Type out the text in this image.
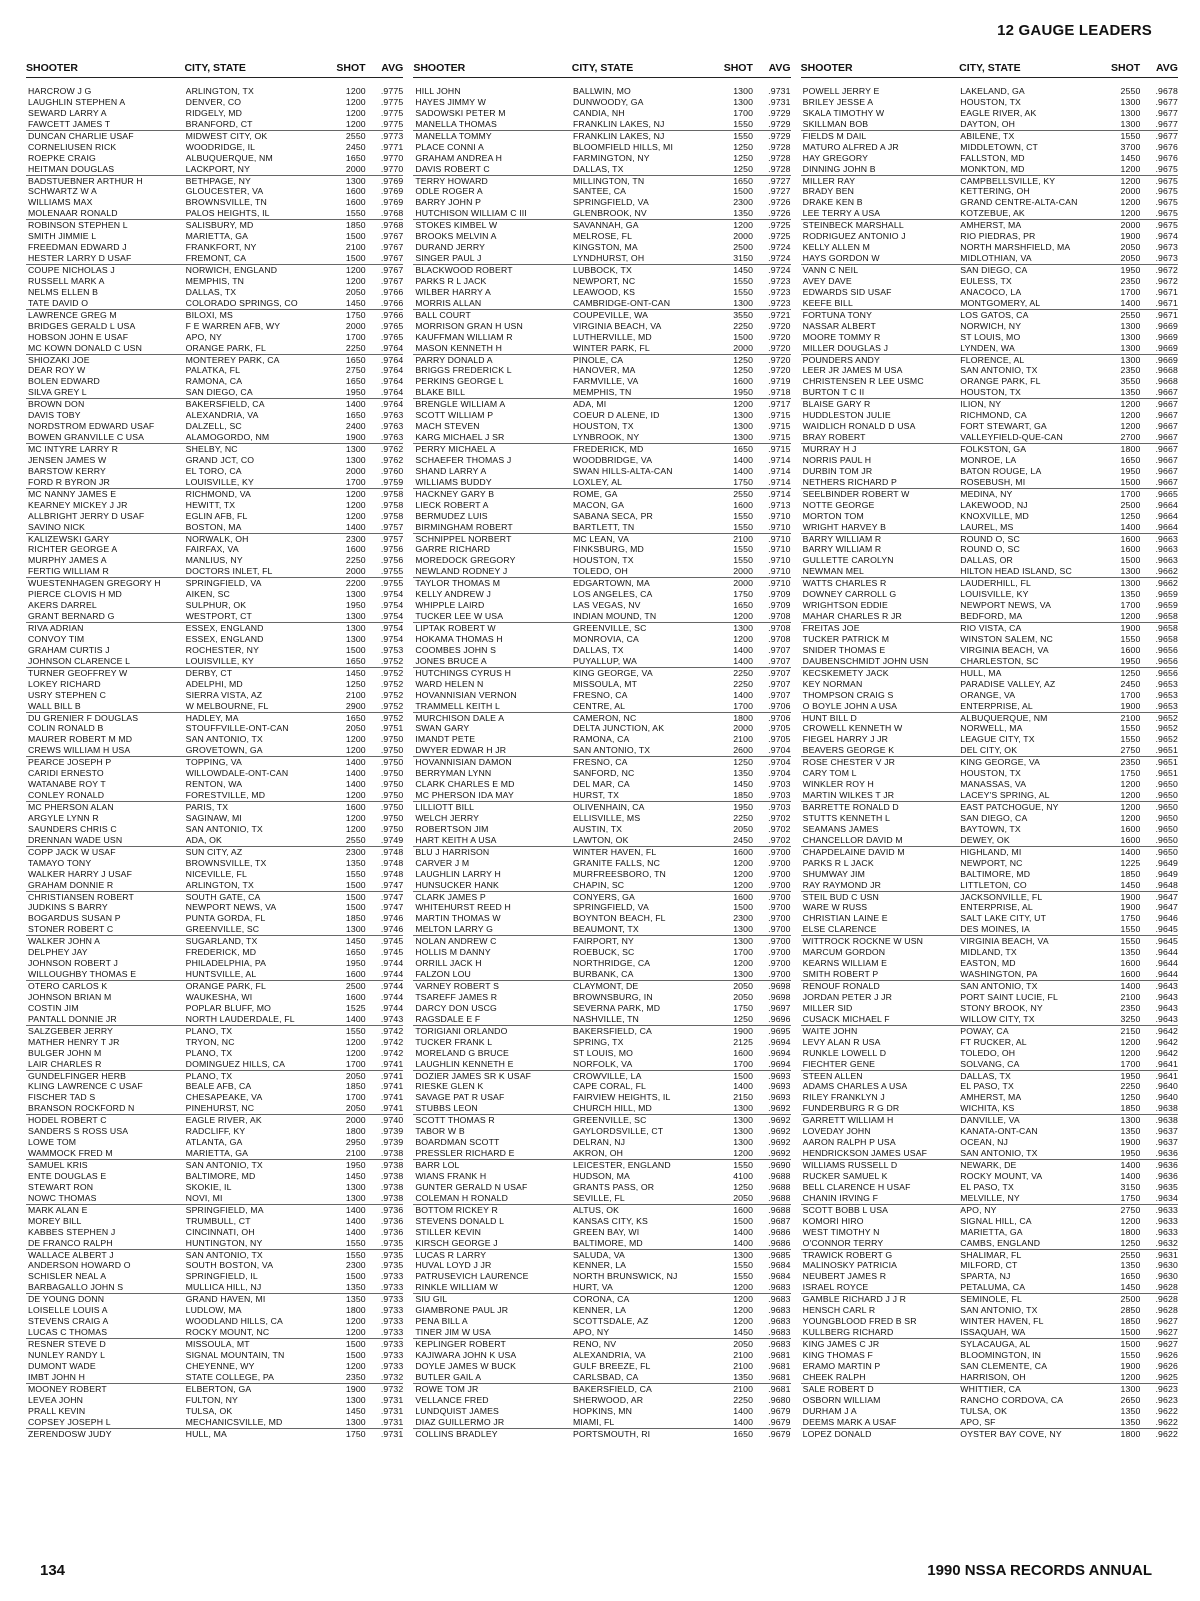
12 GAUGE LEADERS
SHOOTER	CITY, STATE	SHOT	AVG
HARCROW J G	ARLINGTON, TX	1200	.9775
LAUGHLIN STEPHEN A	DENVER, CO	1200	.9775
SEWARD LARRY A	RIDGELY, MD	1200	.9775
FAWCETT JAMES T	BRANFORD, CT	1200	.9775
DUNCAN CHARLIE USAF	MIDWEST CITY, OK	2550	.9773
CORNELIUSEN RICK	WOODRIDGE, IL	2450	.9771
ROEPKE CRAIG	ALBUQUERQUE, NM	1650	.9770
HEITMAN DOUGLAS	LACKPORT, NY	2000	.9770
BADSTUEBNER ARTHUR H	BETHPAGE, NY	1300	.9769
SCHWARTZ W A	GLOUCESTER, VA	1600	.9769
WILLIAMS MAX	BROWNSVILLE, TN	1600	.9769
MOLENAAR RONALD	PALOS HEIGHTS, IL	1550	.9768
ROBINSON STEPHEN L	SALISBURY, MD	1850	.9768
SMITH JIMMIE L	MARIETTA, GA	1500	.9767
FREEDMAN EDWARD J	FRANKFORT, NY	2100	.9767
HESTER LARRY D USAF	FREMONT, CA	1500	.9767
COUPE NICHOLAS J	NORWICH, ENGLAND	1200	.9767
RUSSELL MARK A	MEMPHIS, TN	1200	.9767
NELMS ELLEN B	DALLAS, TX	2050	.9766
TATE DAVID O	COLORADO SPRINGS, CO	1450	.9766
LAWRENCE GREG M	BILOXI, MS	1750	.9766
BRIDGES GERALD L USA	F E WARREN AFB, WY	2000	.9765
HOBSON JOHN E USAF	APO, NY	1700	.9765
MC KOWN DONALD C USN	ORANGE PARK, FL	2250	.9764
SHIOZAKI JOE	MONTEREY PARK, CA	1650	.9764
DEAR ROY W	PALATKA, FL	2750	.9764
BOLEN EDWARD	RAMONA, CA	1650	.9764
SILVA GREY L	SAN DIEGO, CA	1950	.9764
BROWN DON	BAKERSFIELD, CA	1400	.9764
DAVIS TOBY	ALEXANDRIA, VA	1650	.9763
NORDSTROM EDWARD USAF	DALZELL, SC	2400	.9763
BOWEN GRANVILLE C USA	ALAMOGORDO, NM	1900	.9763
MC INTYRE LARRY R	SHELBY, NC	1300	.9762
JENSEN JAMES W	GRAND JCT, CO	1300	.9762
BARSTOW KERRY	EL TORO, CA	2000	.9760
FORD R BYRON JR	LOUISVILLE, KY	1700	.9759
MC NANNY JAMES E	RICHMOND, VA	1200	.9758
KEARNEY MICKEY J JR	HEWITT, TX	1200	.9758
ALLBRIGHT JERRY D USAF	EGLIN AFB, FL	1200	.9758
SAVINO NICK	BOSTON, MA	1400	.9757
KALIZEWSKI GARY	NORWALK, OH	2300	.9757
RICHTER GEORGE A	FAIRFAX, VA	1600	.9756
MURPHY JAMES A	MANLIUS, NY	2250	.9756
FERTIG WILLIAM R	DOCTORS INLET, FL	2000	.9755
WUESTENHAGEN GREGORY H	SPRINGFIELD, VA	2200	.9755
PIERCE CLOVIS H MD	AIKEN, SC	1300	.9754
AKERS DARREL	SULPHUR, OK	1950	.9754
GRANT BERNARD G	WESTPORT, CT	1300	.9754
RIVA ADRIAN	ESSEX, ENGLAND	1300	.9754
CONVOY TIM	ESSEX, ENGLAND	1300	.9754
GRAHAM CURTIS J	ROCHESTER, NY	1500	.9753
JOHNSON CLARENCE L	LOUISVILLE, KY	1650	.9752
TURNER GEOFFREY W	DERBY, CT	1450	.9752
LOKEY RICHARD	ADELPHI, MD	1250	.9752
USRY STEPHEN C	SIERRA VISTA, AZ	2100	.9752
WALL BILL B	W MELBOURNE, FL	2900	.9752
DU GRENIER F DOUGLAS	HADLEY, MA	1650	.9752
COLIN RONALD B	STOUFFVILLE-ONT-CAN	2050	.9751
MAURER ROBERT M MD	SAN ANTONIO, TX	1200	.9750
CREWS WILLIAM H USA	GROVETOWN, GA	1200	.9750
PEARCE JOSEPH P	TOPPING, VA	1400	.9750
CARIDI ERNESTO	WILLOWDALE-ONT-CAN	1400	.9750
WATANABE ROY T	RENTON, WA	1400	.9750
CONLEY RONALD	FORESTVILLE, MD	1200	.9750
MC PHERSON ALAN	PARIS, TX	1600	.9750
ARGYLE LYNN R	SAGINAW, MI	1200	.9750
SAUNDERS CHRIS C	SAN ANTONIO, TX	1200	.9750
DRENNAN WADE USN	ADA, OK	2550	.9749
COPP JACK W USAF	SUN CITY, AZ	2300	.9748
TAMAYO TONY	BROWNSVILLE, TX	1350	.9748
WALKER HARRY J USAF	NICEVILLE, FL	1550	.9748
GRAHAM DONNIE R	ARLINGTON, TX	1500	.9747
CHRISTIANSEN ROBERT	SOUTH GATE, CA	1500	.9747
JUDKINS S BARRY	NEWPORT NEWS, VA	1500	.9747
BOGARDUS SUSAN P	PUNTA GORDA, FL	1850	.9746
STONER ROBERT C	GREENVILLE, SC	1300	.9746
WALKER JOHN A	SUGARLAND, TX	1450	.9745
DELPHEY JAY	FREDERICK, MD	1650	.9745
JOHNSON ROBERT J	PHILADELPHIA, PA	1950	.9744
WILLOUGHBY THOMAS E	HUNTSVILLE, AL	1600	.9744
OTERO CARLOS K	ORANGE PARK, FL	2500	.9744
JOHNSON BRIAN M	WAUKESHA, WI	1600	.9744
COSTIN JIM	POPLAR BLUFF, MO	1525	.9744
PANTALL DONNIE JR	NORTH LAUDERDALE, FL	1400	.9743
SALZGEBER JERRY	PLANO, TX	1550	.9742
MATHER HENRY T JR	TRYON, NC	1200	.9742
BULGER JOHN M	PLANO, TX	1200	.9742
LAIR CHARLES R	DOMINGUEZ HILLS, CA	1700	.9741
GUNDELFINGER HERB	PLANO, TX	2050	.9741
KLING LAWRENCE C USAF	BEALE AFB, CA	1850	.9741
FISCHER TAD S	CHESAPEAKE, VA	1700	.9741
BRANSON ROCKFORD N	PINEHURST, NC	2050	.9741
HODEL ROBERT C	EAGLE RIVER, AK	2000	.9740
SANDERS S ROSS USA	RADCLIFF, KY	1800	.9739
LOWE TOM	ATLANTA, GA	2950	.9739
WAMMOCK FRED M	MARIETTA, GA	2100	.9738
SAMUEL KRIS	SAN ANTONIO, TX	1950	.9738
ENTE DOUGLAS E	BALTIMORE, MD	1450	.9738
STEWART RON	SKOKIE, IL	1300	.9738
NOWC THOMAS	NOVI, MI	1300	.9738
MARK ALAN E	SPRINGFIELD, MA	1400	.9736
MOREY BILL	TRUMBULL, CT	1400	.9736
KABBES STEPHEN J	CINCINNATI, OH	1400	.9736
DE FRANCO RALPH	HUNTINGTON, NY	1550	.9735
WALLACE ALBERT J	SAN ANTONIO, TX	1550	.9735
ANDERSON HOWARD O	SOUTH BOSTON, VA	2300	.9735
SCHISLER NEAL A	SPRINGFIELD, IL	1500	.9733
BARBAGALLO JOHN S	MULLICA HILL, NJ	1350	.9733
DE YOUNG DONN	GRAND HAVEN, MI	1350	.9733
LOISELLE LOUIS A	LUDLOW, MA	1800	.9733
STEVENS CRAIG A	WOODLAND HILLS, CA	1200	.9733
LUCAS C THOMAS	ROCKY MOUNT, NC	1200	.9733
RESNER STEVE D	MISSOULA, MT	1500	.9733
NUNLEY RANDY L	SIGNAL MOUNTAIN, TN	1500	.9733
DUMONT WADE	CHEYENNE, WY	1200	.9733
IMBT JOHN H	STATE COLLEGE, PA	2350	.9732
MOONEY ROBERT	ELBERTON, GA	1900	.9732
LEVEA JOHN	FULTON, NY	1300	.9731
PRALL KEVIN	TULSA, OK	1450	.9731
COPSEY JOSEPH L	MECHANICSVILLE, MD	1300	.9731
ZERENDOSW JUDY	HULL, MA	1750	.9731
SHOOTER	CITY, STATE	SHOT	AVG
HILL JOHN	BALLWIN, MO	1300	.9731
HAYES JIMMY W	DUNWOODY, GA	1300	.9731
SADOWSKI PETER M	CANDIA, NH	1700	.9729
MANELLA THOMAS	FRANKLIN LAKES, NJ	1550	.9729
MANELLA TOMMY	FRANKLIN LAKES, NJ	1550	.9729
PLACE CONNI A	BLOOMFIELD HILLS, MI	1250	.9728
GRAHAM ANDREA H	FARMINGTON, NY	1250	.9728
DAVIS ROBERT C	DALLAS, TX	1250	.9728
TERRY HOWARD	MILLINGTON, TN	1650	.9727
ODLE ROGER A	SANTEE, CA	1500	.9727
BARRY JOHN P	SPRINGFIELD, VA	2300	.9726
HUTCHISON WILLIAM C III	GLENBROOK, NV	1350	.9726
STOKES KIMBEL W	SAVANNAH, GA	1200	.9725
BROOKS MELVIN A	MELROSE, FL	2000	.9725
DURAND JERRY	KINGSTON, MA	2500	.9724
SINGER PAUL J	LYNDHURST, OH	3150	.9724
BLACKWOOD ROBERT	LUBBOCK, TX	1450	.9724
PARKS R L JACK	NEWPORT, NC	1550	.9723
WILBER HARRY A	LEAWOOD, KS	1550	.9723
MORRIS ALLAN	CAMBRIDGE-ONT-CAN	1300	.9723
BALL COURT	COUPEVILLE, WA	3550	.9721
MORRISON GRAN H USN	VIRGINIA BEACH, VA	2250	.9720
KAUFFMAN WILLIAM R	LUTHERVILLE, MD	1500	.9720
MASON KENNETH H	WINTER PARK, FL	2000	.9720
PARRY DONALD A	PINOLE, CA	1250	.9720
BRIGGS FREDERICK L	HANOVER, MA	1250	.9720
PERKINS GEORGE L	FARMVILLE, VA	1600	.9719
BLAKE BILL	MEMPHIS, TN	1950	.9718
BRENGLE WILLIAM A	ADA, MI	1200	.9717
SCOTT WILLIAM P	COEUR D ALENE, ID	1300	.9715
MACH STEVEN	HOUSTON, TX	1300	.9715
KARG MICHAEL J SR	LYNBROOK, NY	1300	.9715
PERRY MICHAEL A	FREDERICK, MD	1650	.9715
SCHAEFER THOMAS J	WOODBRIDGE, VA	1400	.9714
SHAND LARRY A	SWAN HILLS-ALTA-CAN	1400	.9714
WILLIAMS BUDDY	LOXLEY, AL	1750	.9714
HACKNEY GARY B	ROME, GA	2550	.9714
LIECK ROBERT A	MACON, GA	1600	.9713
BERMUDEZ LUIS	SABANA SECA, PR	1550	.9710
BIRMINGHAM ROBERT	BARTLETT, TN	1550	.9710
SCHNIPPEL NORBERT	MC LEAN, VA	2100	.9710
GARRE RICHARD	FINKSBURG, MD	1550	.9710
MOREDOCK GREGORY	HOUSTON, TX	1550	.9710
NEWLAND RODNEY J	TOLEDO, OH	2000	.9710
TAYLOR THOMAS M	EDGARTOWN, MA	2000	.9710
KELLY ANDREW J	LOS ANGELES, CA	1750	.9709
WHIPPLE LAIRD	LAS VEGAS, NV	1650	.9709
TUCKER LEE W USA	INDIAN MOUND, TN	1200	.9708
LIPTAK ROBERT W	GREENVILLE, SC	1300	.9708
HOKAMA THOMAS H	MONROVIA, CA	1200	.9708
COOMBES JOHN S	DALLAS, TX	1400	.9707
JONES BRUCE A	PUYALLUP, WA	1400	.9707
HUTCHINGS CYRUS H	KING GEORGE, VA	2250	.9707
WARD HELEN N	MISSOULA, MT	2250	.9707
HOVANNISIAN VERNON	FRESNO, CA	1400	.9707
TRAMMELL KEITH L	CENTRE, AL	1700	.9706
MURCHISON DALE A	CAMERON, NC	1800	.9706
SWAN GARY	DELTA JUNCTION, AK	2000	.9705
IMANDT PETE	RAMONA, CA	2100	.9705
DWYER EDWAR H JR	SAN ANTONIO, TX	2600	.9704
HOVANNISIAN DAMON	FRESNO, CA	1250	.9704
BERRYMAN LYNN	SANFORD, NC	1350	.9704
CLARK CHARLES E MD	DEL MAR, CA	1450	.9703
MC PHERSON IDA MAY	HURST, TX	1850	.9703
LILLIOTT BILL	OLIVENHAIN, CA	1950	.9703
WELCH JERRY	ELLISVILLE, MS	2250	.9702
ROBERTSON JIM	AUSTIN, TX	2050	.9702
HART KEITH A USA	LAWTON, OK	2450	.9702
BLU J HARRISON	WINTER HAVEN, FL	1600	.9700
CARVER J M	GRANITE FALLS, NC	1200	.9700
LAUGHLIN LARRY H	MURFREESBORO, TN	1200	.9700
HUNSUCKER HANK	CHAPIN, SC	1200	.9700
CLARK JAMES P	CONYERS, GA	1600	.9700
WHITEHURST REED H	SPRINGFIELD, VA	1500	.9700
MARTIN THOMAS W	BOYNTON BEACH, FL	2300	.9700
MELTON LARRY G	BEAUMONT, TX	1300	.9700
NOLAN ANDREW C	FAIRPORT, NY	1300	.9700
HOLLIS M DANNY	ROEBUCK, SC	1700	.9700
ORRILL JACK H	NORTHRIDGE, CA	1200	.9700
FALZON LOU	BURBANK, CA	1300	.9700
VARNEY ROBERT S	CLAYMONT, DE	2050	.9698
TSAREFF JAMES R	BROWNSBURG, IN	2050	.9698
DARCY DON USCG	SEVERNA PARK, MD	1750	.9697
RAGSDALE E F	NASHVILLE, TN	1250	.9696
TORIGIANI ORLANDO	BAKERSFIELD, CA	1900	.9695
TUCKER FRANK L	SPRING, TX	2125	.9694
MORELAND G BRUCE	ST LOUIS, MO	1600	.9694
LAUGHLIN KENNETH E	NORFOLK, VA	1700	.9694
DOZIER JAMES SR K USAF	CROWVILLE, LA	1500	.9693
RIESKE GLEN K	CAPE CORAL, FL	1400	.9693
SAVAGE PAT R USAF	FAIRVIEW HEIGHTS, IL	2150	.9693
STUBBS LEON	CHURCH HILL, MD	1300	.9692
SCOTT THOMAS R	GREENVILLE, SC	1300	.9692
TABOR W B	GAYLORDSVILLE, CT	1300	.9692
BOARDMAN SCOTT	DELRAN, NJ	1300	.9692
PRESSLER RICHARD E	AKRON, OH	1200	.9692
BARR LOL	LEICESTER, ENGLAND	1550	.9690
WIANS FRANK H	HUDSON, MA	4100	.9688
GUNTER GERALD N USAF	GRANTS PASS, OR	1250	.9688
COLEMAN H RONALD	SEVILLE, FL	2050	.9688
BOTTOM RICKEY R	ALTUS, OK	1600	.9688
STEVENS DONALD L	KANSAS CITY, KS	1500	.9687
STILLER KEVIN	GREEN BAY, WI	1400	.9686
KIRSCH GEORGE J	BALTIMORE, MD	1400	.9686
LUCAS R LARRY	SALUDA, VA	1300	.9685
HUVAL LOYD J JR	KENNER, LA	1550	.9684
PATRUSEVICH LAURENCE	NORTH BRUNSWICK, NJ	1550	.9684
RINKLE WILLIAM W	HURT, VA	1200	.9683
SIU GIL	CORONA, CA	1200	.9683
GIAMBRONE PAUL JR	KENNER, LA	1200	.9683
PENA BILL A	SCOTTSDALE, AZ	1200	.9683
TINER JIM W USA	APO, NY	1450	.9683
KEPLINGER ROBERT	RENO, NV	2050	.9683
KAJIWARA JOHN K USA	ALEXANDRIA, VA	2100	.9681
DOYLE JAMES W BUCK	GULF BREEZE, FL	2100	.9681
BUTLER GAIL A	CARLSBAD, CA	1350	.9681
ROWE TOM JR	BAKERSFIELD, CA	2100	.9681
VELLANCE FRED	SHERWOOD, AR	2250	.9680
LUNDQUIST JAMES	HOPKINS, MN	1400	.9679
DIAZ GUILLERMO JR	MIAMI, FL	1400	.9679
COLLINS BRADLEY	PORTSMOUTH, RI	1650	.9679
SHOOTER	CITY, STATE	SHOT	AVG
POWELL JERRY E	LAKELAND, GA	2550	.9678
BRILEY JESSE A	HOUSTON, TX	1300	.9677
SKALA TIMOTHY W	EAGLE RIVER, AK	1300	.9677
SKILLMAN BOB	DAYTON, OH	1300	.9677
FIELDS M DAIL	ABILENE, TX	1550	.9677
MATURO ALFRED A JR	MIDDLETOWN, CT	3700	.9676
HAY GREGORY	FALLSTON, MD	1450	.9676
DINNING JOHN B	MONKTON, MD	1200	.9675
MILLER RAY	CAMPBELLSVILLE, KY	1200	.9675
BRADY BEN	KETTERING, OH	2000	.9675
DRAKE KEN B	GRAND CENTRE-ALTA-CAN	1200	.9675
LEE TERRY A USA	KOTZEBUE, AK	1200	.9675
STEINBECK MARSHALL	AMHERST, MA	2000	.9675
RODRIGUEZ ANTONIO J	RIO PIEDRAS, PR	1900	.9674
KELLY ALLEN M	NORTH MARSHFIELD, MA	2050	.9673
HAYS GORDON W	MIDLOTHIAN, VA	2050	.9673
VANN C NEIL	SAN DIEGO, CA	1950	.9672
AVEY DAVE	EULESS, TX	2350	.9672
EDWARDS SID USAF	ANACOCO, LA	1700	.9671
KEEFE BILL	MONTGOMERY, AL	1400	.9671
FORTUNA TONY	LOS GATOS, CA	2550	.9671
NASSAR ALBERT	NORWICH, NY	1300	.9669
MOORE TOMMY R	ST LOUIS, MO	1300	.9669
MILLER DOUGLAS J	LYNDEN, WA	1300	.9669
POUNDERS ANDY	FLORENCE, AL	1300	.9669
LEER JR JAMES M USA	SAN ANTONIO, TX	2350	.9668
CHRISTENSEN R LEE USMC	ORANGE PARK, FL	3550	.9668
BURTON T C II	HOUSTON, TX	1350	.9667
BLAISE GARY R	ILION, NY	1200	.9667
HUDDLESTON JULIE	RICHMOND, CA	1200	.9667
WAIDLICH RONALD D USA	FORT STEWART, GA	1200	.9667
BRAY ROBERT	VALLEYFIELD-QUE-CAN	2700	.9667
MURRAY H J	FOLKSTON, GA	1800	.9667
NORRIS PAUL H	MONROE, LA	1650	.9667
DURBIN TOM JR	BATON ROUGE, LA	1950	.9667
NETHERS RICHARD P	ROSEBUSH, MI	1500	.9667
SEELBINDER ROBERT W	MEDINA, NY	1700	.9665
NOTTE GEORGE	LAKEWOOD, NJ	2500	.9664
MORTON TOM	KNOXVILLE, MD	1250	.9664
WRIGHT HARVEY B	LAUREL, MS	1400	.9664
BARRY WILLIAM R	ROUND O, SC	1600	.9663
BARRY WILLIAM R	ROUND O, SC	1600	.9663
GULLETTE CAROLYN	DALLAS, OR	1500	.9663
NEWMAN MEL	HILTON HEAD ISLAND, SC	1300	.9662
WATTS CHARLES R	LAUDERHILL, FL	1300	.9662
DOWNEY CARROLL G	LOUISVILLE, KY	1350	.9659
WRIGHTSON EDDIE	NEWPORT NEWS, VA	1700	.9659
MAHAR CHARLES R JR	BEDFORD, MA	1200	.9658
FREITAS JOE	RIO VISTA, CA	1900	.9658
TUCKER PATRICK M	WINSTON SALEM, NC	1550	.9658
SNIDER THOMAS E	VIRGINIA BEACH, VA	1600	.9656
DAUBENSCHMIDT JOHN USN	CHARLESTON, SC	1950	.9656
KECSKEMETY JACK	HULL, MA	1250	.9656
KEY NORMAN	PARADISE VALLEY, AZ	2450	.9653
THOMPSON CRAIG S	ORANGE, VA	1700	.9653
O BOYLE JOHN A USA	ENTERPRISE, AL	1900	.9653
HUNT BILL D	ALBUQUERQUE, NM	2100	.9652
CROWELL KENNETH W	NORWELL, MA	1550	.9652
FIEGEL HARRY J JR	LEAGUE CITY, TX	1550	.9652
BEAVERS GEORGE K	DEL CITY, OK	2750	.9651
ROSE CHESTER V JR	KING GEORGE, VA	2350	.9651
CARY TOM L	HOUSTON, TX	1750	.9651
WINKLER ROY H	MANASSAS, VA	1200	.9650
MARTIN WILKES T JR	LACEY'S SPRING, AL	1200	.9650
BARRETTE RONALD D	EAST PATCHOGUE, NY	1200	.9650
STUTTS KENNETH L	SAN DIEGO, CA	1200	.9650
SEAMANS JAMES	BAYTOWN, TX	1600	.9650
CHANCELLOR DAVID M	DEWEY, OK	1600	.9650
CHAPDELAINE DAVID M	HIGHLAND, MI	1400	.9650
PARKS R L JACK	NEWPORT, NC	1225	.9649
SHUMWAY JIM	BALTIMORE, MD	1850	.9649
RAY RAYMOND JR	LITTLETON, CO	1450	.9648
STEIL BUD C USN	JACKSONVILLE, FL	1900	.9647
WARE W RUSS	ENTERPRISE, AL	1900	.9647
CHRISTIAN LAINE E	SALT LAKE CITY, UT	1750	.9646
ELSE CLARENCE	DES MOINES, IA	1550	.9645
WITTROCK ROCKNE W USN	VIRGINIA BEACH, VA	1550	.9645
MARCUM GORDON	MIDLAND, TX	1350	.9644
KEARNS WILLIAM E	EASTON, MD	1600	.9644
SMITH ROBERT P	WASHINGTON, PA	1600	.9644
RENOUF RONALD	SAN ANTONIO, TX	1400	.9643
JORDAN PETER J JR	PORT SAINT LUCIE, FL	2100	.9643
MILLER SID	STONY BROOK, NY	2350	.9643
CUSACK MICHAEL F	WILLOW CITY, TX	3250	.9643
WAITE JOHN	POWAY, CA	2150	.9642
LEVY ALAN R USA	FT RUCKER, AL	1200	.9642
RUNKLE LOWELL D	TOLEDO, OH	1200	.9642
FIECHTER GENE	SOLVANG, CA	1700	.9641
STEEN ALLEN	DALLAS, TX	1950	.9641
ADAMS CHARLES A USA	EL PASO, TX	2250	.9640
RILEY FRANKLYN J	AMHERST, MA	1250	.9640
FUNDERBURG R G DR	WICHITA, KS	1850	.9638
GARRETT WILLIAM H	DANVILLE, VA	1300	.9638
LOVEDAY JOHN	KANATA-ONT-CAN	1350	.9637
AARON RALPH P USA	OCEAN, NJ	1900	.9637
HENDRICKSON JAMES USAF	SAN ANTONIO, TX	1950	.9636
WILLIAMS RUSSELL D	NEWARK, DE	1400	.9636
RUCKER SAMUEL K	ROCKY MOUNT, VA	1400	.9636
BELL CLARENCE H USAF	EL PASO, TX	3150	.9635
CHANIN IRVING F	MELVILLE, NY	1750	.9634
SCOTT BOBB L USA	APO, NY	2750	.9633
KOMORI HIRO	SIGNAL HILL, CA	1200	.9633
WEST TIMOTHY N	MARIETTA, GA	1800	.9633
O'CONNOR TERRY	CAMBS, ENGLAND	1250	.9632
TRAWICK ROBERT G	SHALIMAR, FL	2550	.9631
MALINOSKY PATRICIA	MILFORD, CT	1350	.9630
NEUBERT JAMES R	SPARTA, NJ	1650	.9630
ISRAEL ROYCE	PETALUMA, CA	1450	.9628
GAMBLE RICHARD J J R	SEMINOLE, FL	2500	.9628
HENSCH CARL R	SAN ANTONIO, TX	2850	.9628
YOUNGBLOOD FRED B SR	WINTER HAVEN, FL	1850	.9627
KULLBERG RICHARD	ISSAQUAH, WA	1500	.9627
KING JAMES C JR	SYLACAUGA, AL	1500	.9627
KING THOMAS F	BLOOMINGTON, IN	1550	.9626
ERAMO MARTIN P	SAN CLEMENTE, CA	1900	.9626
CHEEK RALPH	HARRISON, OH	1200	.9625
SALE ROBERT D	WHITTIER, CA	1300	.9623
OSBORN WILLIAM	RANCHO CORDOVA, CA	2650	.9623
DURHAM J A	TULSA, OK	1350	.9622
DEEMS MARK A USAF	APO, SF	1350	.9622
LOPEZ DONALD	OYSTER BAY COVE, NY	1800	.9622
134	1990 NSSA RECORDS ANNUAL
